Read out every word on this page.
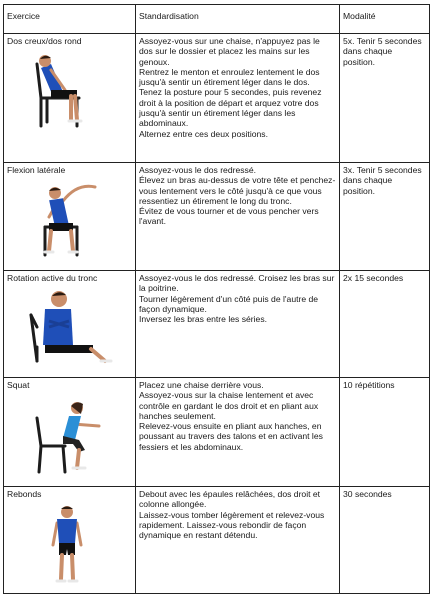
Exercice	Standardisation	Modalité

Dos creux/dos rond	Assoyez-vous sur une chaise, n'appuyez pas le dos sur le dossier et placez les mains sur les genoux.

Rentrez le menton et enroulez lentement le dos jusqu'à sentir un étirement léger dans le dos.

Tenez la posture pour 5 secondes, puis revenez droit à la position de départ et arquez votre dos jusqu'à sentir un étirement léger dans les abdominaux.

Alternez entre ces deux positions.	5x. Tenir 5 secondes dans chaque position.

Flexion latérale	Assoyez-vous le dos redressé.

Élevez un bras au-dessus de votre tête et penchez-vous lentement vers le côté jusqu'à ce que vous ressentiez un étirement le long du tronc.

Évitez de vous tourner et de vous pencher vers l'avant.	3x. Tenir 5 secondes dans chaque position.

Rotation active du tronc	Assoyez-vous le dos redressé. Croisez les bras sur la poitrine.

Tourner légèrement d'un côté puis de l'autre de façon dynamique.

Inversez les bras entre les séries.	2x 15 secondes

Squat	Placez une chaise derrière vous.

Assoyez-vous sur la chaise lentement et avec contrôle en gardant le dos droit et en pliant aux hanches seulement.

Relevez-vous ensuite en pliant aux hanches, en poussant au travers des talons et en activant les fessiers et les abdominaux.	10 répétitions

Rebonds	Debout avec les épaules relâchées, dos droit et colonne allongée.

Laissez-vous tomber légèrement et relevez-vous rapidement. Laissez-vous rebondir de façon dynamique en restant détendu.	30 secondes
